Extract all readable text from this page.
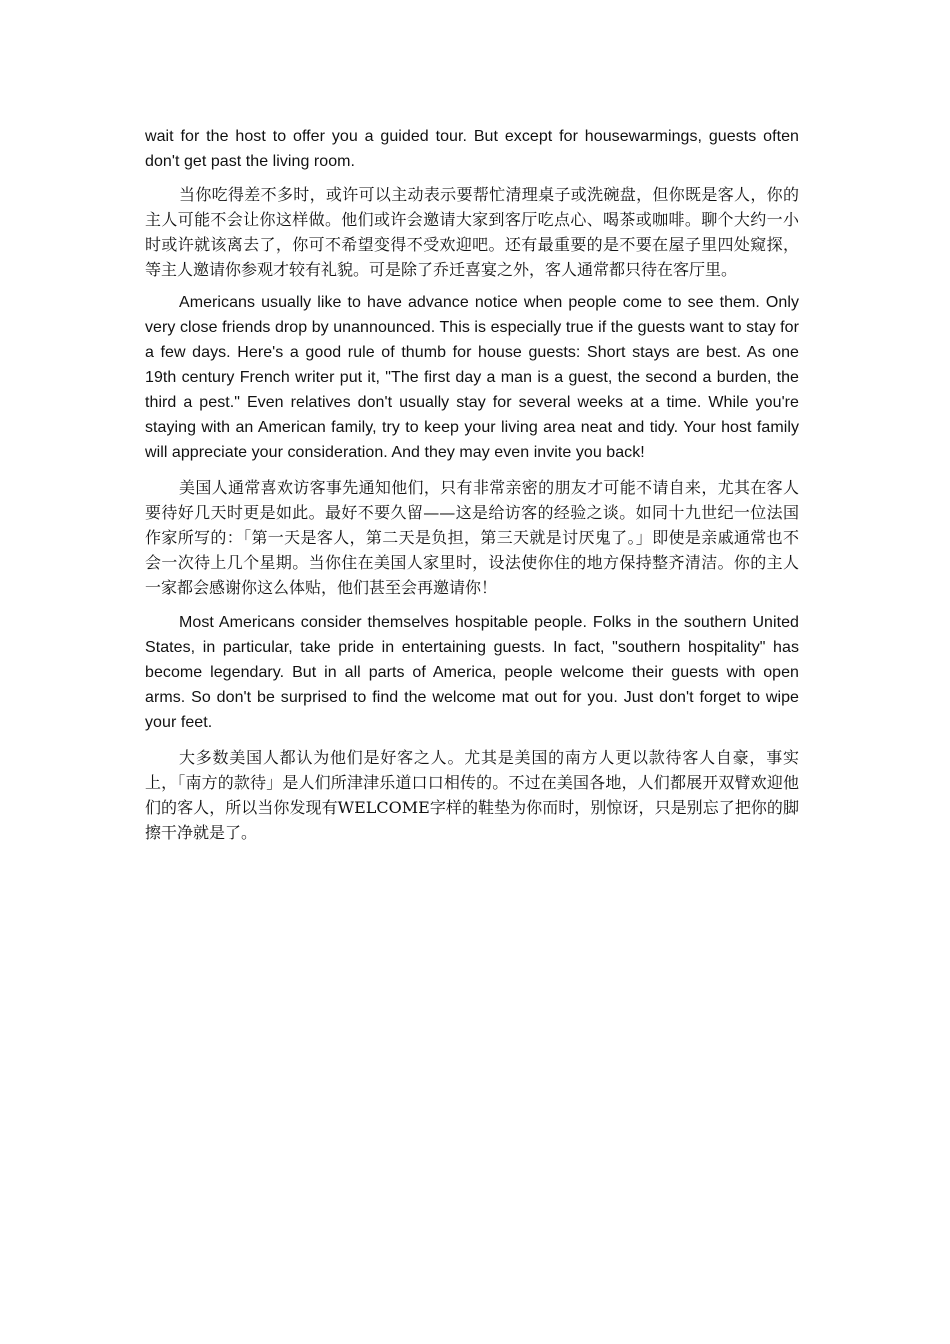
wait for the host to offer you a guided tour. But except for housewarmings, guests often don't get past the living room.

当你吃得差不多时，或许可以主动表示要帮忙清理桌子或洗碗盘，但你既是客人，你的主人可能不会让你这样做。他们或许会邀请大家到客厅吃点心、喝茶或咖啡。聊个大约一小时或许就该离去了，你可不希望变得不受欢迎吧。还有最重要的是不要在屋子里四处窥探，等主人邀请你参观才较有礼貌。可是除了乔迁喜宴之外，客人通常都只待在客厅里。

Americans usually like to have advance notice when people come to see them. Only very close friends drop by unannounced. This is especially true if the guests want to stay for a few days. Here's a good rule of thumb for house guests: Short stays are best. As one 19th century French writer put it, "The first day a man is a guest, the second a burden, the third a pest." Even relatives don't usually stay for several weeks at a time. While you're staying with an American family, try to keep your living area neat and tidy. Your host family will appreciate your consideration. And they may even invite you back!

美国人通常喜欢访客事先通知他们，只有非常亲密的朋友才可能不请自来，尤其在客人要待好几天时更是如此。最好不要久留——这是给访客的经验之谈。如同十九世纪一位法国作家所写的：「第一天是客人，第二天是负担，第三天就是讨厌鬼了。」即使是亲戚通常也不会一次待上几个星期。当你住在美国人家里时，设法使你住的地方保持整齐清洁。你的主人一家都会感谢你这么体贴，他们甚至会再邀请你！

Most Americans consider themselves hospitable people. Folks in the southern United States, in particular, take pride in entertaining guests. In fact, "southern hospitality" has become legendary. But in all parts of America, people welcome their guests with open arms. So don't be surprised to find the welcome mat out for you. Just don't forget to wipe your feet.

大多数美国人都认为他们是好客之人。尤其是美国的南方人更以款待客人自豪，事实上，「南方的款待」是人们所津津乐道口口相传的。不过在美国各地，人们都展开双臂欢迎他们的客人，所以当你发现有WELCOME字样的鞋垫为你而时，别惊讶，只是别忘了把你的脚擦干净就是了。
